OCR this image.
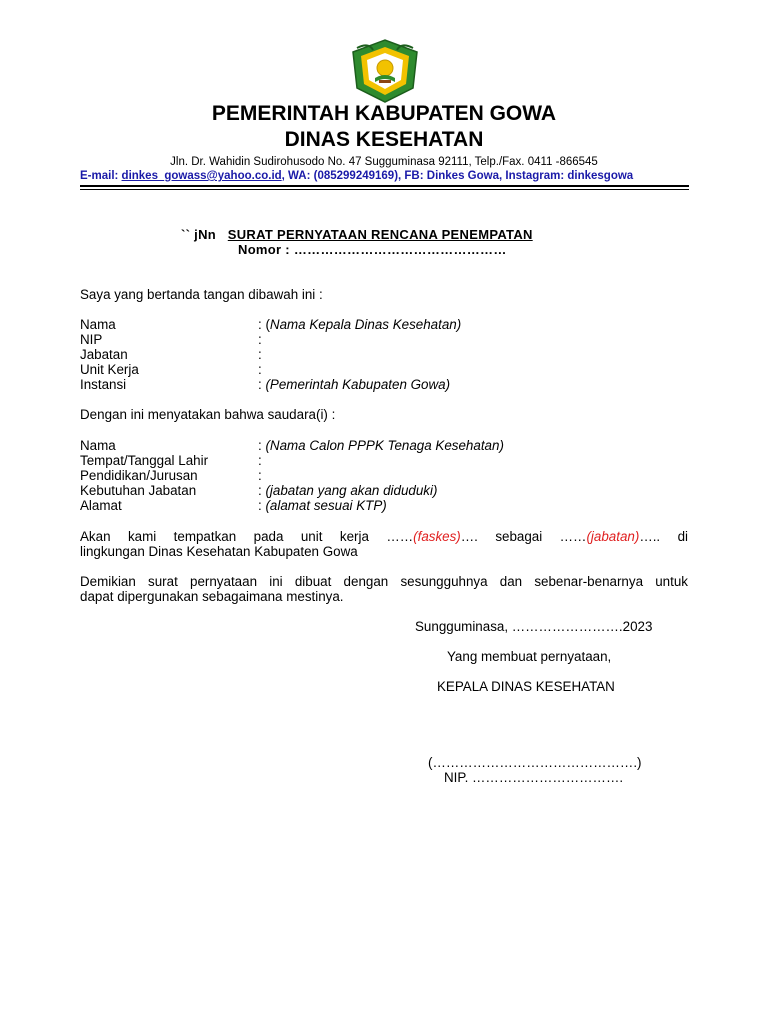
PEMERINTAH KABUPATEN GOWA
DINAS KESEHATAN
Jln. Dr. Wahidin Sudirohusodo No. 47 Sugguminasa 92111, Telp./Fax. 0411 -866545
E-mail: dinkes_gowass@yahoo.co.id, WA: (085299249169), FB: Dinkes Gowa, Instagram: dinkesgowa
`` jNn SURAT PERNYATAAN RENCANA PENEMPATAN
Nomor : …………………………………………
Saya yang bertanda tangan dibawah ini :
Nama	: (Nama Kepala Dinas Kesehatan)
NIP	:
Jabatan	:
Unit Kerja	:
Instansi	: (Pemerintah Kabupaten Gowa)
Dengan ini menyatakan bahwa saudara(i) :
Nama	: (Nama Calon PPPK Tenaga Kesehatan)
Tempat/Tanggal Lahir	:
Pendidikan/Jurusan	:
Kebutuhan Jabatan	: (jabatan yang akan diduduki)
Alamat	: (alamat sesuai KTP)
Akan kami tempatkan pada unit kerja ……(faskes)…. sebagai ……(jabatan)….. di
lingkungan Dinas Kesehatan Kabupaten Gowa
Demikian surat pernyataan ini dibuat dengan sesungguhnya dan sebenar-benarnya untuk
dapat dipergunakan sebagaimana mestinya.
Sungguminasa, …………………….2023
Yang membuat pernyataan,
KEPALA DINAS KESEHATAN
(……………………………………….)
NIP. …………………………….
